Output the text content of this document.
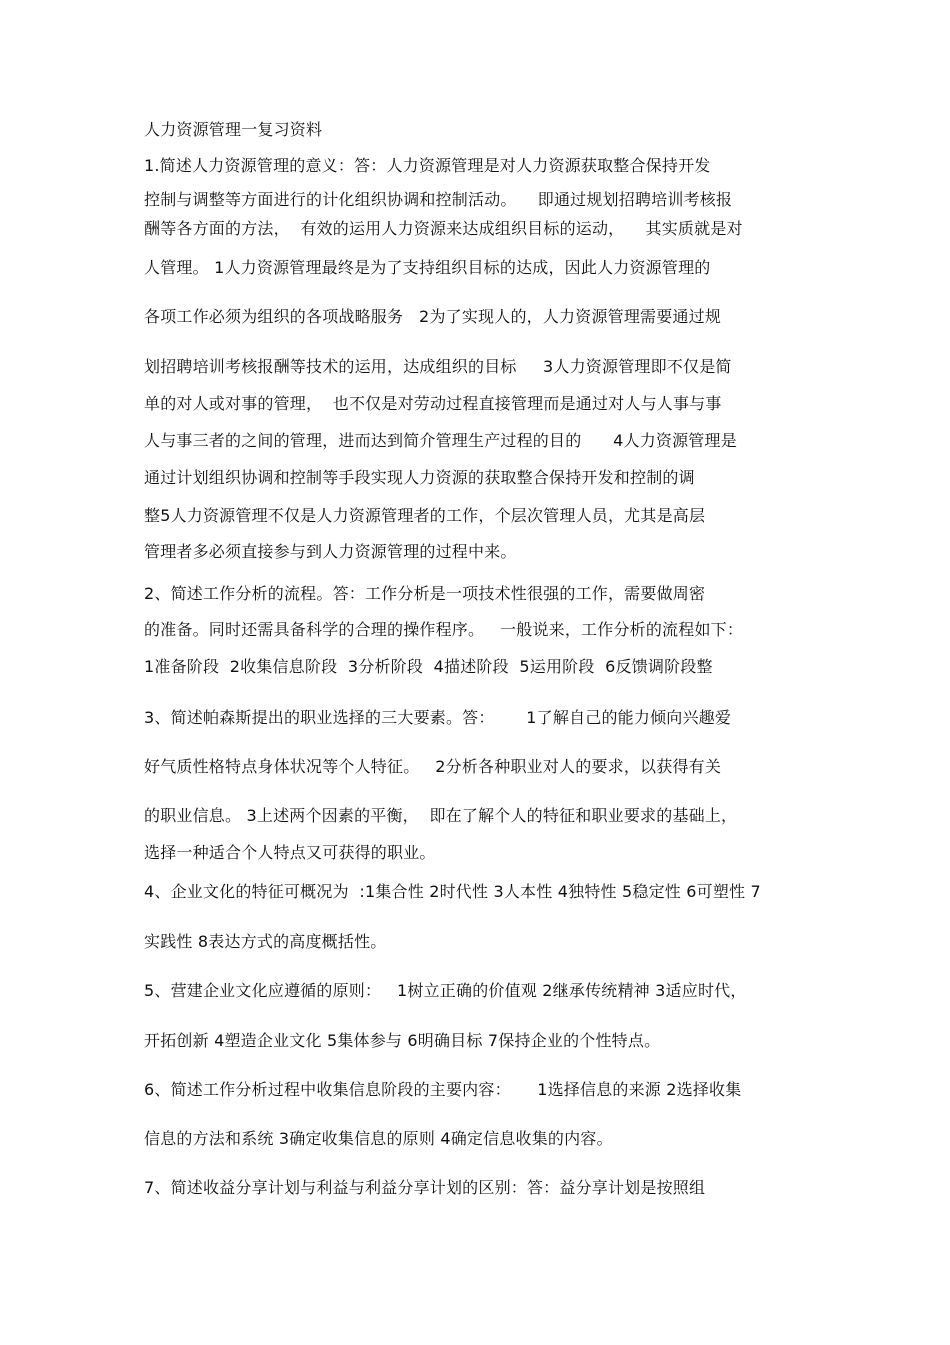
人力资源管理一复习资料
1.简述人力资源管理的意义：答：人力资源管理是对人力资源获取整合保持开发
控制与调整等方面进行的计化组织协调和控制活动。    即通过规划招聘培训考核报
酬等各方面的方法，  有效的运用人力资源来达成组织目标的运动，    其实质就是对
人管理。 1人力资源管理最终是为了支持组织目标的达成，因此人力资源管理的
各项工作必须为组织的各项战略服务   2为了实现人的，人力资源管理需要通过规
划招聘培训考核报酬等技术的运用，达成组织的目标     3人力资源管理即不仅是简
单的对人或对事的管理，  也不仅是对劳动过程直接管理而是通过对人与人事与事
人与事三者的之间的管理，进而达到简介管理生产过程的目的      4人力资源管理是
通过计划组织协调和控制等手段实现人力资源的获取整合保持开发和控制的调
整5人力资源管理不仅是人力资源管理者的工作，个层次管理人员，尤其是高层
管理者多必须直接参与到人力资源管理的过程中来。
2、简述工作分析的流程。答：工作分析是一项技术性很强的工作，需要做周密
的准备。同时还需具备科学的合理的操作程序。   一般说来，工作分析的流程如下：
1准备阶段  2收集信息阶段  3分析阶段  4描述阶段  5运用阶段  6反馈调阶段整
3、简述帕森斯提出的职业选择的三大要素。答：      1了解自己的能力倾向兴趣爱
好气质性格特点身体状况等个人特征。   2分析各种职业对人的要求，以获得有关
的职业信息。 3上述两个因素的平衡，  即在了解个人的特征和职业要求的基础上，
选择一种适合个人特点又可获得的职业。
4、企业文化的特征可概况为  :1集合性 2时代性 3人本性 4独特性 5稳定性 6可塑性 7
实践性 8表达方式的高度概括性。
5、营建企业文化应遵循的原则：   1树立正确的价值观 2继承传统精神 3适应时代，
开拓创新 4塑造企业文化 5集体参与 6明确目标 7保持企业的个性特点。
6、简述工作分析过程中收集信息阶段的主要内容：     1选择信息的来源 2选择收集
信息的方法和系统 3确定收集信息的原则 4确定信息收集的内容。
7、简述收益分享计划与利益与利益分享计划的区别：答：益分享计划是按照组
